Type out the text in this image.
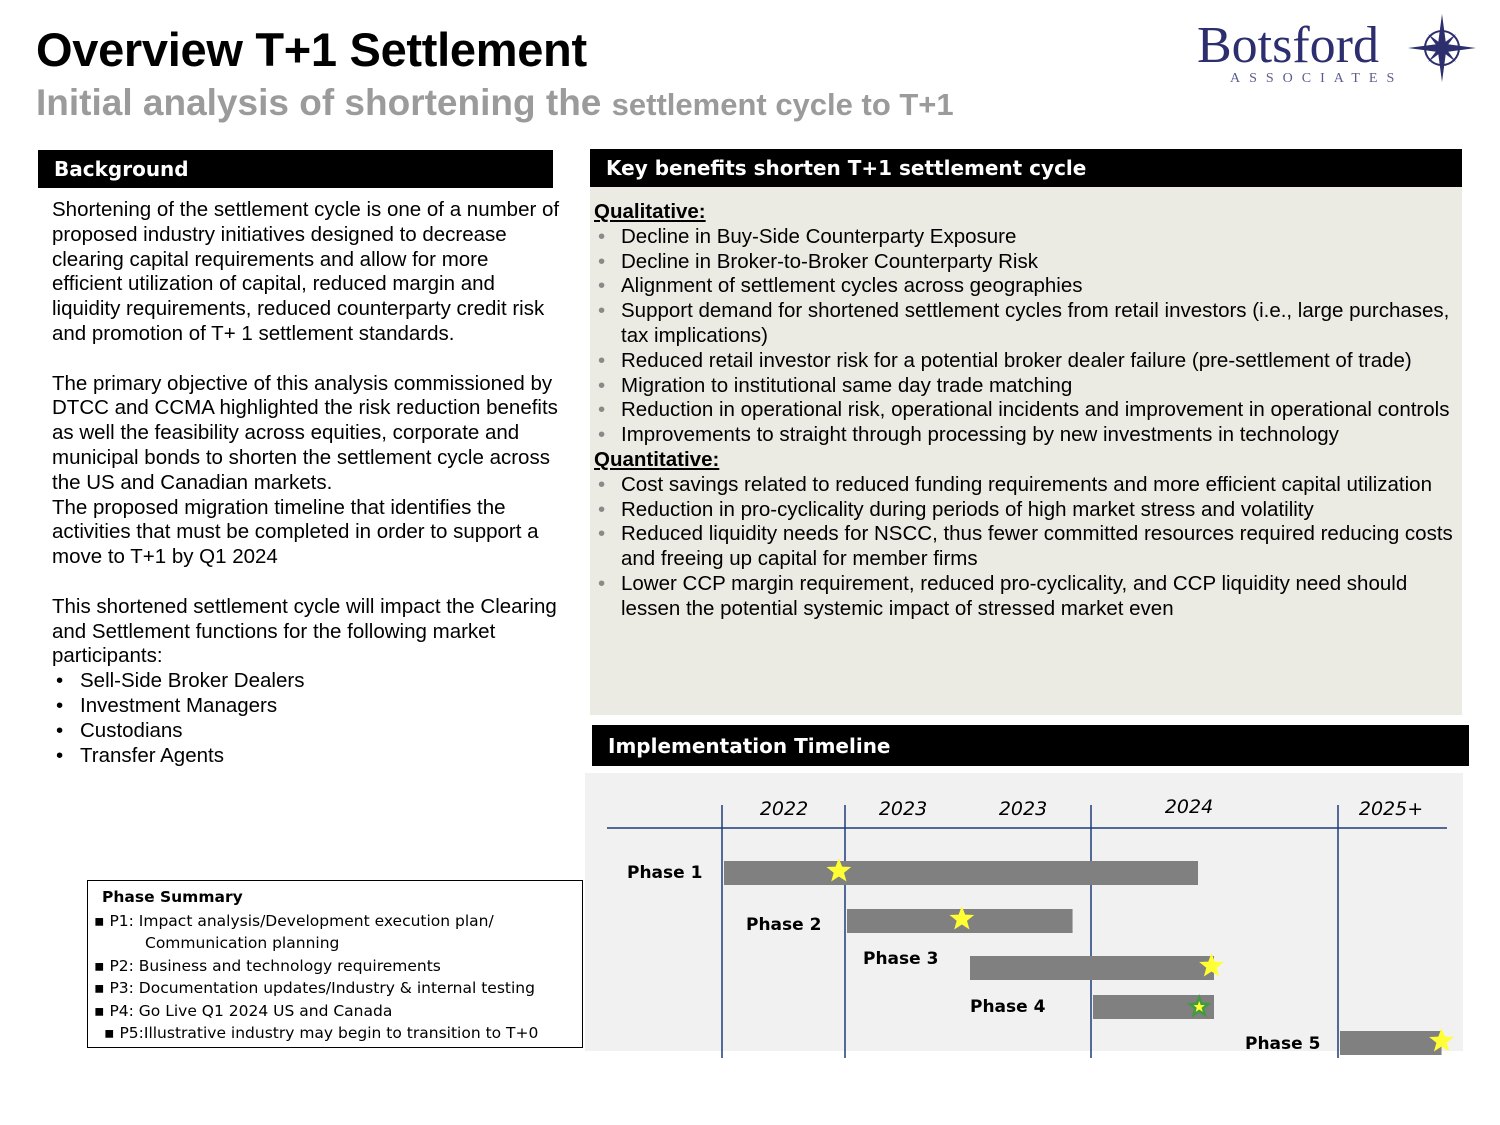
Overview T+1 Settlement
Initial analysis of shortening the settlement cycle to T+1
Botsford
ASSOCIATES
Background

Shortening of the settlement cycle is one of a number of proposed industry initiatives designed to decrease clearing capital requirements and allow for more efficient utilization of capital, reduced margin and liquidity requirements, reduced counterparty credit risk and promotion of T+ 1 settlement standards.

The primary objective of this analysis commissioned by DTCC and CCMA highlighted the risk reduction benefits as well the feasibility across equities, corporate and municipal bonds to shorten the settlement cycle across the US and Canadian markets.

The proposed migration timeline that identifies the activities that must be completed in order to support a move to T+1 by Q1 2024

This shortened settlement cycle will impact the Clearing and Settlement functions for the following market participants:

• Sell-Side Broker Dealers
• Investment Managers
• Custodians
• Transfer Agents
Key benefits shorten T+1 settlement cycle
Qualitative:
• Decline in Buy-Side Counterparty Exposure
• Decline in Broker-to-Broker Counterparty Risk
• Alignment of settlement cycles across geographies
• Support demand for shortened settlement cycles from retail investors (i.e., large purchases, tax implications)
• Reduced retail investor risk for a potential broker dealer failure (pre-settlement of trade)
• Migration to institutional same day trade matching
• Reduction in operational risk, operational incidents and improvement in operational controls
• Improvements to straight through processing by new investments in technology
Quantitative:
• Cost savings related to reduced funding requirements and more efficient capital utilization
• Reduction in pro-cyclicality during periods of high market stress and volatility
• Reduced liquidity needs for NSCC, thus fewer committed resources required reducing costs and freeing up capital for member firms
• Lower CCP margin requirement, reduced pro-cyclicality, and CCP liquidity need should lessen the potential systemic impact of stressed market even
Implementation Timeline
2022	2023	2023	2024	2025+
Phase 1
Phase 2
Phase 3
Phase 4
Phase 5
Phase Summary
▪ P1: Impact analysis/Development execution plan/
Communication planning
▪ P2: Business and technology requirements
▪ P3: Documentation updates/Industry & internal testing
▪ P4: Go Live Q1 2024 US and Canada
▪ P5:Illustrative industry may begin to transition to T+0
